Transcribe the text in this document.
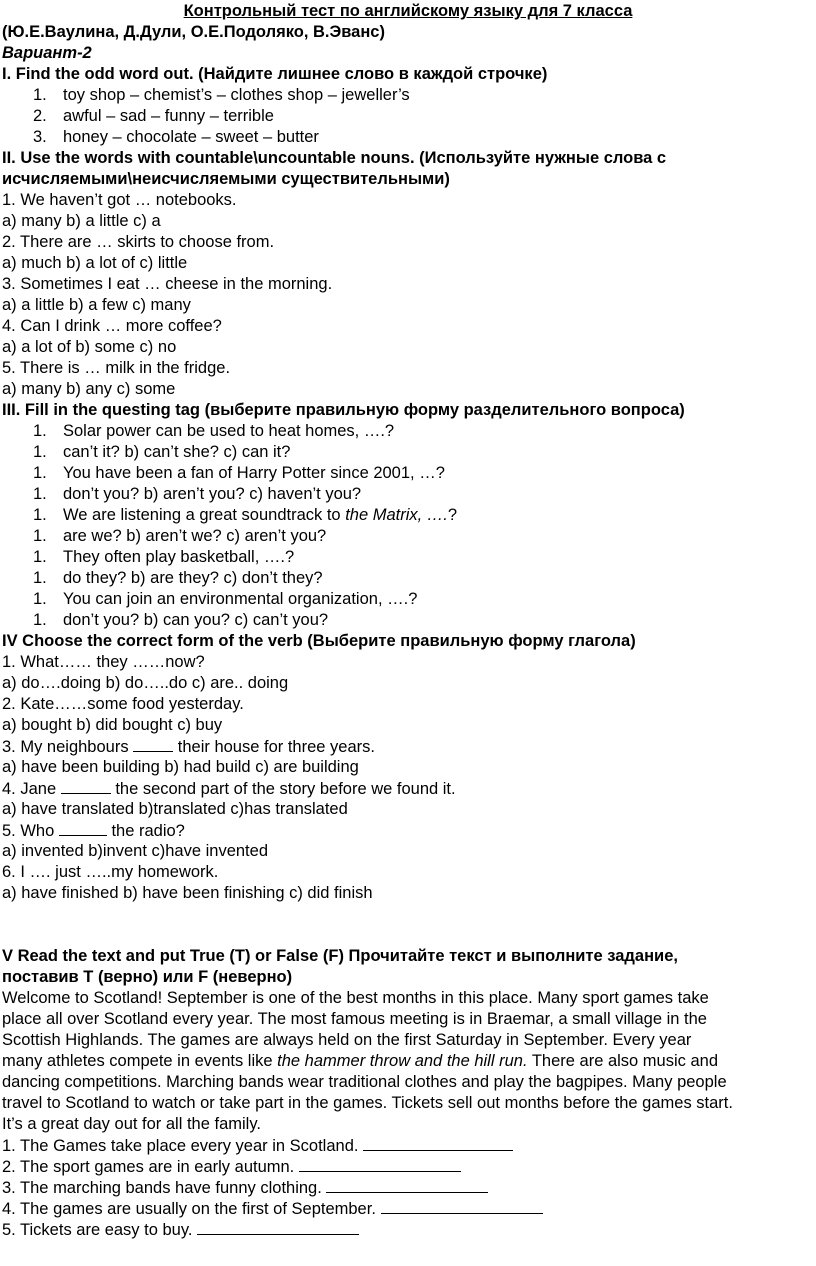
Контрольный тест по английскому языку для 7 класса
(Ю.Е.Ваулина, Д.Дули, О.Е.Подоляко, В.Эванс)
Вариант-2
I. Find the odd word out. (Найдите лишнее слово в каждой строчке)
1. toy shop – chemist’s – clothes shop – jeweller’s
2. awful – sad – funny – terrible
3. honey – chocolate – sweet – butter
II. Use the words with countable\uncountable nouns. (Используйте нужные слова с
исчисляемыми\неисчисляемыми существительными)
1. We haven’t got … notebooks.
a) many b) a little c) a
2. There are … skirts to choose from.
a) much b) a lot of c) little
3. Sometimes I eat … cheese in the morning.
a) a little b) a few c) many
4. Can I drink … more coffee?
a) a lot of b) some c) no
5. There is … milk in the fridge.
a) many b) any c) some
III. Fill in the questing tag (выберите правильную форму разделительного вопроса)
1. Solar power can be used to heat homes, ….?
1. can’t it? b) can’t she? c) can it?
1. You have been a fan of Harry Potter since 2001, …?
1. don’t you? b) aren’t you? c) haven’t you?
1. We are listening a great soundtrack to the Matrix, ….?
1. are we? b) aren’t we? c) aren’t you?
1. They often play basketball, ….?
1. do they? b) are they? c) don’t they?
1. You can join an environmental organization, ….?
1. don’t you? b) can you? c) can’t you?
IV Choose the correct form of the verb (Выберите правильную форму глагола)
1. What…… they ……now?
a) do….doing b) do…..do c) are.. doing
2. Kate……some food yesterday.
a) bought b) did bought c) buy
3. My neighbours	their house for three years.
a) have been building b) had build c) are building
4. Jane	the second part of the story before we found it.
a) have translated b)translated c)has translated
5. Who	the radio?
a) invented b)invent c)have invented
6. I …. just …..my homework.
a) have finished b) have been finishing c) did finish
V Read the text and put True (T) or False (F) Прочитайте текст и выполните задание,
поставив T (верно) или F (неверно)
Welcome to Scotland! September is one of the best months in this place. Many sport games take
place all over Scotland every year. The most famous meeting is in Braemar, a small village in the
Scottish Highlands. The games are always held on the first Saturday in September. Every year
many athletes compete in events like the hammer throw and the hill run. There are also music and
dancing competitions. Marching bands wear traditional clothes and play the bagpipes. Many people
travel to Scotland to watch or take part in the games. Tickets sell out months before the games start.
It’s a great day out for all the family.
1. The Games take place every year in Scotland.
2. The sport games are in early autumn.
3. The marching bands have funny clothing.
4. The games are usually on the first of September.
5. Tickets are easy to buy.
